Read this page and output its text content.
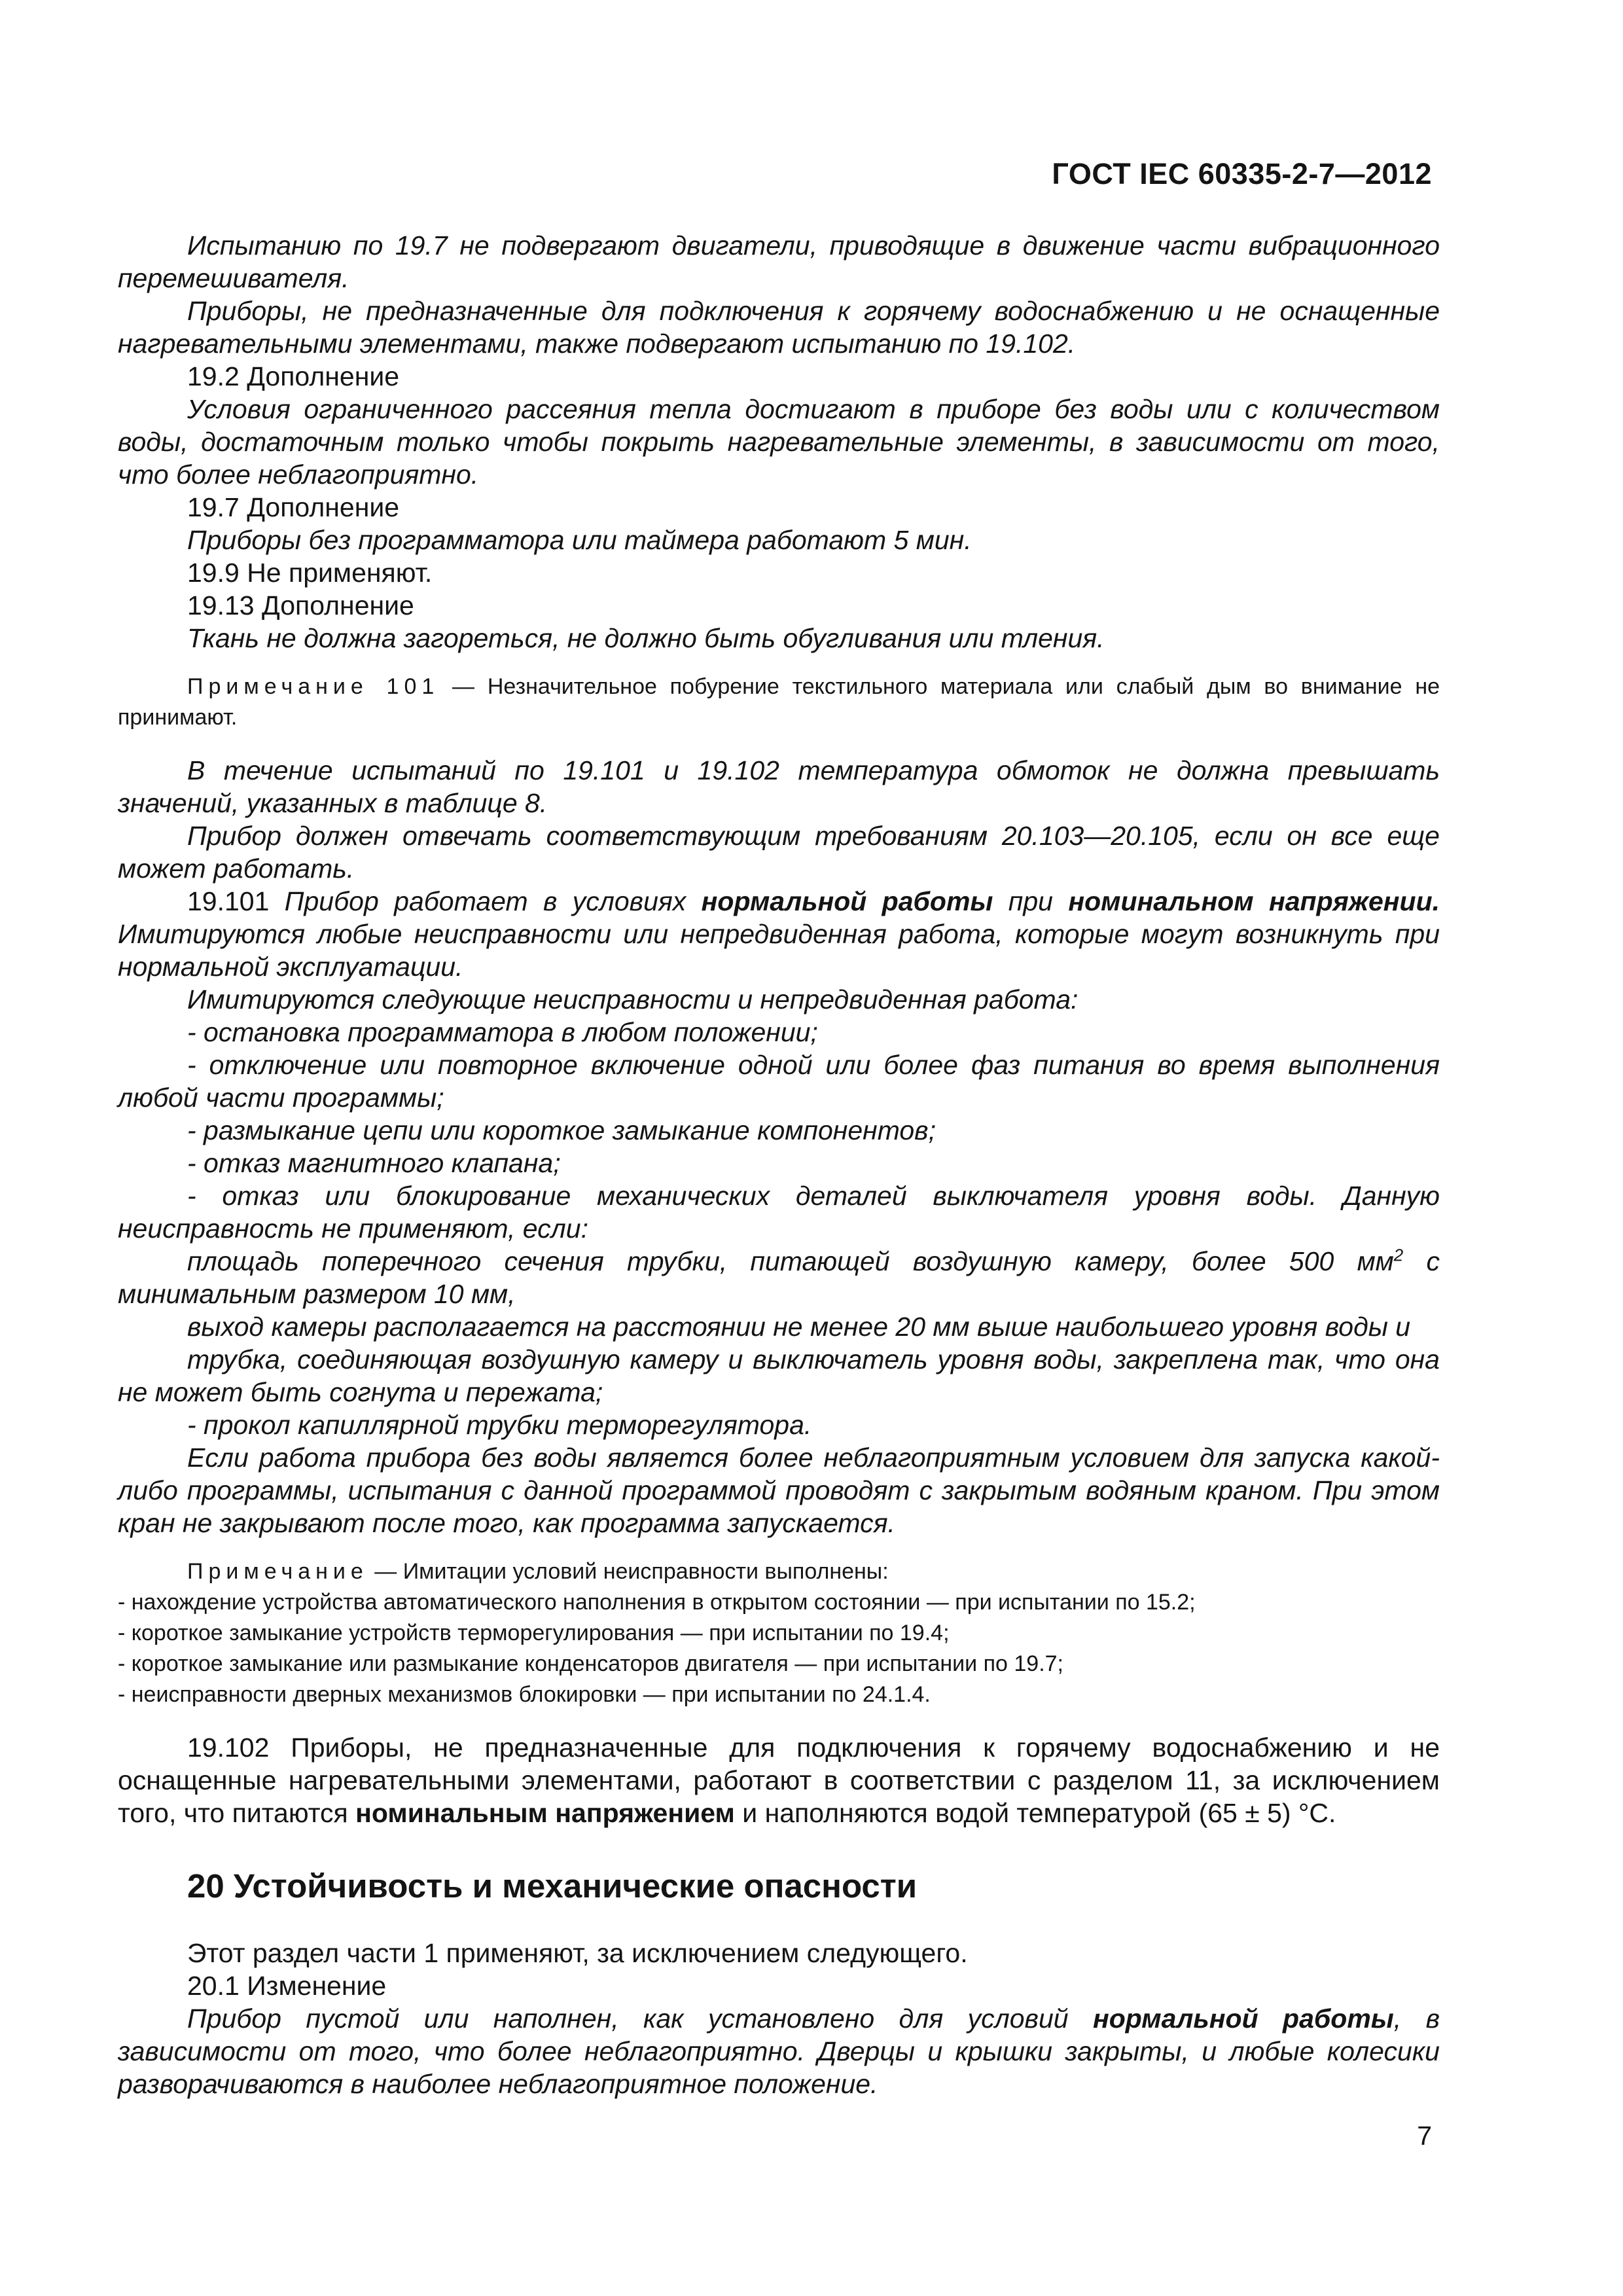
ГОСТ IEC 60335-2-7—2012

Испытанию по 19.7 не подвергают двигатели, приводящие в движение части вибрационного перемешивателя.

Приборы, не предназначенные для подключения к горячему водоснабжению и не оснащенные нагревательными элементами, также подвергают испытанию по 19.102.

19.2 Дополнение

Условия ограниченного рассеяния тепла достигают в приборе без воды или с количеством воды, достаточным только чтобы покрыть нагревательные элементы, в зависимости от того, что более неблагоприятно.

19.7 Дополнение

Приборы без программатора или таймера работают 5 мин.

19.9 Не применяют.

19.13 Дополнение

Ткань не должна загореться, не должно быть обугливания или тления.

Примечание 101 — Незначительное побурение текстильного материала или слабый дым во внимание не принимают.

В течение испытаний по 19.101 и 19.102 температура обмоток не должна превышать значений, указанных в таблице 8.

Прибор должен отвечать соответствующим требованиям 20.103—20.105, если он все еще может работать.

19.101 Прибор работает в условиях нормальной работы при номинальном напряжении. Имитируются любые неисправности или непредвиденная работа, которые могут возникнуть при нормальной эксплуатации.

Имитируются следующие неисправности и непредвиденная работа:

- остановка программатора в любом положении;

- отключение или повторное включение одной или более фаз питания во время выполнения любой части программы;

- размыкание цепи или короткое замыкание компонентов;

- отказ магнитного клапана;

- отказ или блокирование механических деталей выключателя уровня воды. Данную неисправность не применяют, если:

площадь поперечного сечения трубки, питающей воздушную камеру, более 500 $мм^2$ с минимальным размером 10 мм,

выход камеры располагается на расстоянии не менее 20 мм выше наибольшего уровня воды и

трубка, соединяющая воздушную камеру и выключатель уровня воды, закреплена так, что она не может быть согнута и пережата;

- прокол капиллярной трубки терморегулятора.

Если работа прибора без воды является более неблагоприятным условием для запуска какой-либо программы, испытания с данной программой проводят с закрытым водяным краном. При этом кран не закрывают после того, как программа запускается.

Примечание — Имитации условий неисправности выполнены:

- нахождение устройства автоматического наполнения в открытом состоянии — при испытании по 15.2;

- короткое замыкание устройств терморегулирования — при испытании по 19.4;

- короткое замыкание или размыкание конденсаторов двигателя — при испытании по 19.7;

- неисправности дверных механизмов блокировки — при испытании по 24.1.4.

19.102 Приборы, не предназначенные для подключения к горячему водоснабжению и не оснащенные нагревательными элементами, работают в соответствии с разделом 11, за исключением того, что питаются номинальным напряжением и наполняются водой температурой (65 ± 5) °C.

20 Устойчивость и механические опасности

Этот раздел части 1 применяют, за исключением следующего.

20.1 Изменение

Прибор пустой или наполнен, как установлено для условий нормальной работы, в зависимости от того, что более неблагоприятно. Дверцы и крышки закрыты, и любые колесики разворачиваются в наиболее неблагоприятное положение.

7
